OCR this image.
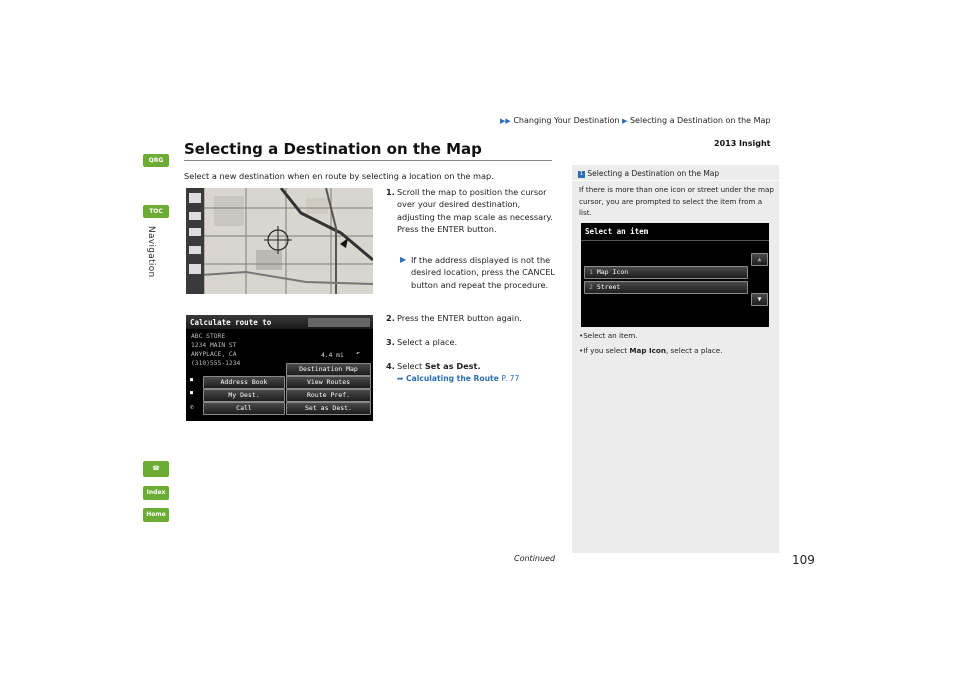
▶▶ Changing Your Destination ▶ Selecting a Destination on the Map
2013 Insight
Selecting a Destination on the Map
Select a new destination when en route by selecting a location on the map.
QRG
TOC
Navigation
☎
Index
Home
Calculate route to
ABC STORE
1234 MAIN ST
ANYPLACE, CA
(310)555-1234
4.4 mi ↶
Destination Map
Address Book	View Routes
My Dest.	Route Pref.
Call	Set as Dest.
■
■
✆
1. Scroll the map to position the cursor over your desired destination, adjusting the map scale as necessary. Press the ENTER button.
▶ If the address displayed is not the desired location, press the CANCEL button and repeat the procedure.
2. Press the ENTER button again.
3. Select a place.
4. Select Set as Dest.
➦ Calculating the Route P. 77
1 Selecting a Destination on the Map
If there is more than one icon or street under the map cursor, you are prompted to select the item from a list.
Select an item
1 Map Icon
2 Street
▲
▼
•Select an item.
•If you select Map Icon, select a place.
Continued	109
